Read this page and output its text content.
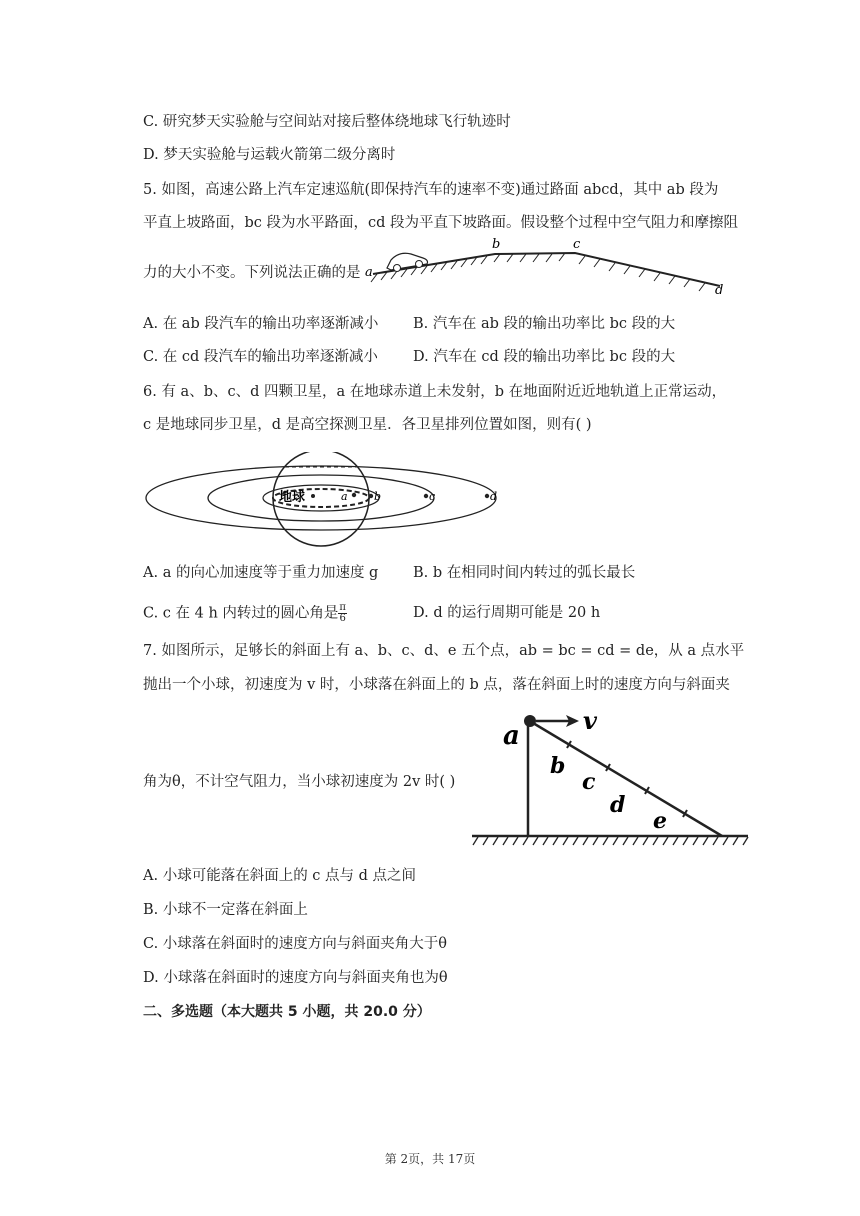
C. 研究梦天实验舱与空间站对接后整体绕地球飞行轨迹时
D. 梦天实验舱与运载火箭第二级分离时
5. 如图，高速公路上汽车定速巡航(即保持汽车的速率不变)通过路面 abcd，其中 ab 段为
平直上坡路面，bc 段为水平路面，cd 段为平直下坡路面。假设整个过程中空气阻力和摩擦阻
力的大小不变。下列说法正确的是 a
b	c
d
A. 在 ab 段汽车的输出功率逐渐减小 B. 汽车在 ab 段的输出功率比 bc 段的大
C. 在 cd 段汽车的输出功率逐渐减小 D. 汽车在 cd 段的输出功率比 bc 段的大
6. 有 a、b、c、d 四颗卫星，a 在地球赤道上未发射，b 在地面附近近地轨道上正常运动，
c 是地球同步卫星，d 是高空探测卫星．各卫星排列位置如图，则有( )
地球	a b	c	d
A. a 的向心加速度等于重力加速度 g B. b 在相同时间内转过的弧长最长
C. c 在 4 h 内转过的圆心角是 $\frac{\pi}{6}$	D. d 的运行周期可能是 20 h
7. 如图所示，足够长的斜面上有 a、b、c、d、e 五个点，ab = bc = cd = de，从 a 点水平
抛出一个小球，初速度为 v 时，小球落在斜面上的 b 点，落在斜面上时的速度方向与斜面夹
角为θ，不计空气阻力，当小球初速度为 2v 时( )
a
v
b
c
d
e
A. 小球可能落在斜面上的 c 点与 d 点之间
B. 小球不一定落在斜面上
C. 小球落在斜面时的速度方向与斜面夹角大于θ
D. 小球落在斜面时的速度方向与斜面夹角也为θ
二、多选题（本大题共 5 小题，共 20.0 分）
第 2页，共 17页
